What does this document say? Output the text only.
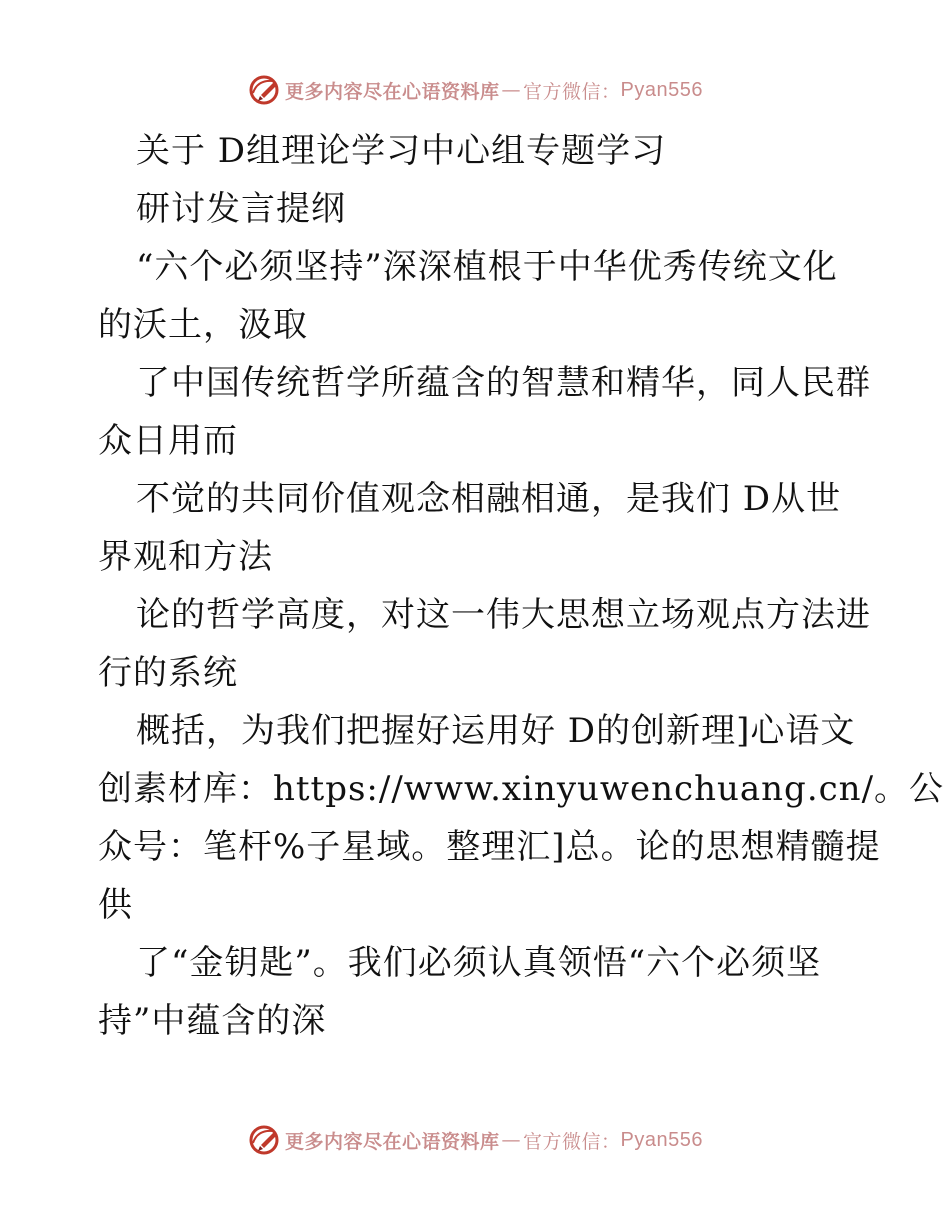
更多内容尽在心语资料库 — 官方微信： Pyan556
关于 D组理论学习中心组专题学习
研讨发言提纲
“六个必须坚持”深深植根于中华优秀传统文化
的沃土，汲取
了中国传统哲学所蕴含的智慧和精华，同人民群
众日用而
不觉的共同价值观念相融相通，是我们 D从世
界观和方法
论的哲学高度，对这一伟大思想立场观点方法进
行的系统
概括，为我们把握好运用好 D的创新理]心语文
创素材库：https://www.xinyuwenchuang.cn/。公
众号：笔杆%子星域。整理汇]总。论的思想精髓提
供
了“金钥匙”。我们必须认真领悟“六个必须坚
持”中蕴含的深
更多内容尽在心语资料库 — 官方微信： Pyan556
